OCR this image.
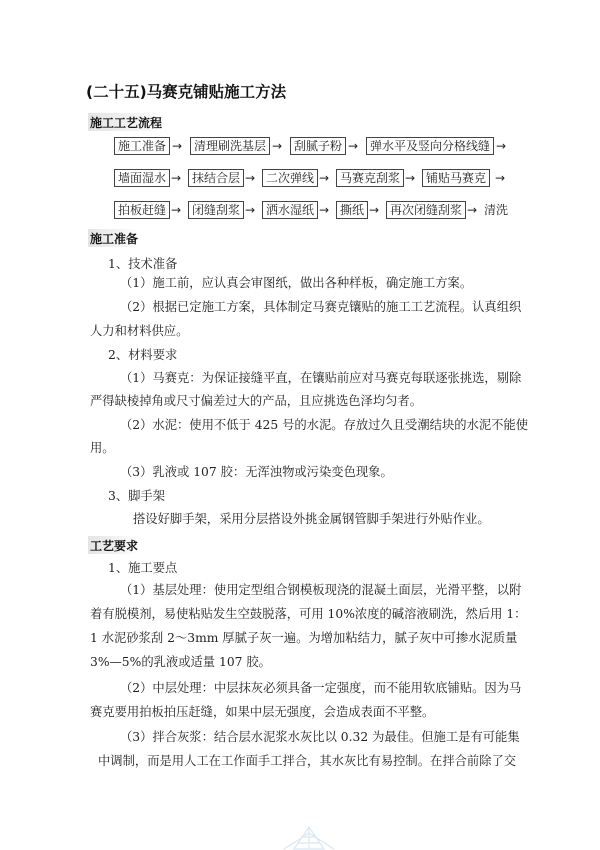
(二十五)马赛克铺贴施工方法
施工工艺流程
施工准备 → 清理刷洗基层 → 刮腻子粉 → 弹水平及竖向分格线缝 →
墙面湿水 → 抹结合层 → 二次弹线 → 马赛克刮浆 → 铺贴马赛克 →
拍板赶缝 → 闭缝刮浆 → 洒水湿纸 → 撕纸 → 再次闭缝刮浆 → 清洗
施工准备
1、技术准备
（1）施工前，应认真会审图纸，做出各种样板，确定施工方案。
（2）根据已定施工方案，具体制定马赛克镶贴的施工工艺流程。认真组织
人力和材料供应。
2、材料要求
（1）马赛克：为保证接缝平直，在镶贴前应对马赛克每联逐张挑选，剔除
严得缺棱掉角或尺寸偏差过大的产品，且应挑选色泽均匀者。
（2）水泥：使用不低于 425 号的水泥。存放过久且受潮结块的水泥不能使
用。
（3）乳液或 107 胶：无浑浊物或污染变色现象。
3、脚手架
搭设好脚手架，采用分层搭设外挑金属钢管脚手架进行外贴作业。
工艺要求
1、施工要点
（1）基层处理：使用定型组合钢模板现浇的混凝土面层，光滑平整，以附
着有脱模剂，易使粘贴发生空鼓脱落，可用 10%浓度的碱溶液刷洗，然后用 1：
1 水泥砂浆刮 2～3mm 厚腻子灰一遍。为增加粘结力，腻子灰中可掺水泥质量
3%—5%的乳液或适量 107 胶。
（2）中层处理：中层抹灰必须具备一定强度，而不能用软底铺贴。因为马
赛克要用拍板拍压赶缝，如果中层无强度，会造成表面不平整。
（3）拌合灰浆：结合层水泥浆水灰比以 0.32 为最佳。但施工是有可能集
中调制，而是用人工在工作面手工拌合，其水灰比有易控制。在拌合前除了交
